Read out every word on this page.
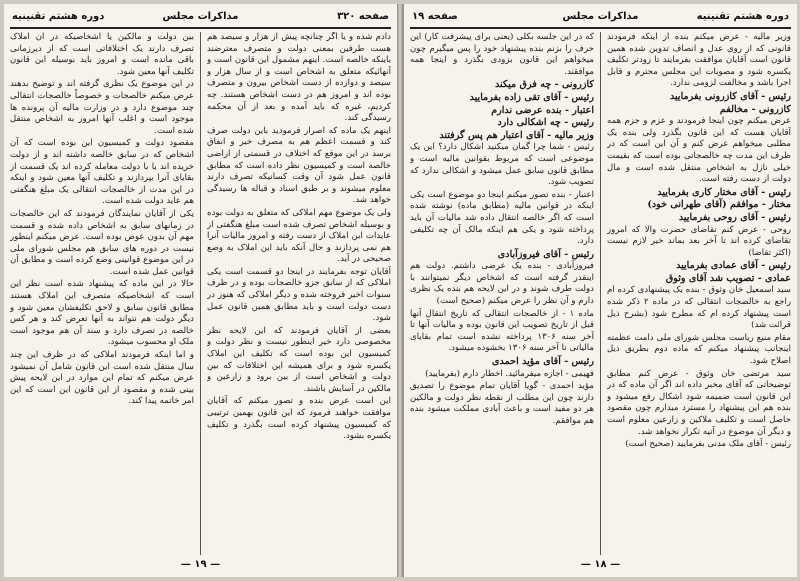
صفحه ۳۲۰
مذاکرات مجلس
دوره هشتم تقنینیه

دادم شده و یا اگر چنانچه پیش از هزار و سیصد هم هست طرفین بمعنی دولت و متصرف معترضند باینکه خالصه است. اینهم مشمول این قانون است و آنهائیکه متعلق به اشخاص است و از سال هزار و سیصد و دوازده از دست اشخاص بیرون و متصرف بوده اند و امروز هم در دست اشخاص هستند. چه کردیم، غیره که باید آمده و بعد از آن محکمه رسیدگی کند.

اینهم یک ماده که اصرار فرمودید باین دولت صرف کند و قسمت اعظم هم به مصرف خیر و انفاق برسد در این موقع که اختلاف در قسمتی از اراضی خالصه است و کمیسیون نظر داده است که مطابق قانون عمل شود آن وقت کسانیکه تصرف دارند معلوم میشوند و بر طبق اسناد و قباله ها رسیدگی خواهد شد.

ولی یک موضوع مهم املاکی که متعلق به دولت بوده و بوسیله اشخاص تصرف شده است مبلغ هنگفتی از عایدات این املاک از دست رفته و امروز مالیات آنرا هم نمی پردازند و حال آنکه باید این املاک به وضع صحیحی در آید.

آقایان توجه بفرمایند در اینجا دو قسمت است یکی املاکی که از سابق جزو خالصجات بوده و در ظرف سنوات اخیر فروخته شده و دیگر املاکی که هنوز در دست دولت است و باید مطابق همین قانون عمل شود.

بعضی از آقایان فرمودند که این لایحه نظر مخصوصی دارد خیر اینطور نیست و نظر دولت و کمیسیون این بوده است که تکلیف این املاک یکسره شود و برای همیشه این اختلافات که بین دولت و اشخاص است از بین برود و زارعین و مالکین در آسایش باشند.

این است عرض بنده و تصور میکنم که آقایان موافقت خواهند فرمود که این قانون بهمین ترتیبی که کمیسیون پیشنهاد کرده است بگذرد و تکلیف یکسره بشود.

بین دولت و مالکین یا اشخاصیکه در آن املاک تصرف دارند یک اختلافاتی است که از دیرزمانی باقی مانده است و امروز باید بوسیله این قانون تکلیف آنها معین شود.

در این موضوع یک نظری گرفته اند و توضیح بدهند عرض میکنم خالصجات و خصوصاً خالصجات انتقالی چند موضوع دارد و در وزارت مالیه آن پرونده ها موجود است و اغلب آنها امروز به اشخاص منتقل شده است.

مقصود دولت و کمیسیون این بوده است که آن اشخاص که در سابق خالصه داشته اند و از دولت خریده اند یا با دولت معامله کرده اند یک قسمت از بقایای آنرا بپردازند و تکلیف آنها معین شود و اینکه در این مدت از خالصجات انتقالی یک مبلغ هنگفتی هم عاید دولت شده است.

یکی از آقایان نمایندگان فرمودند که این خالصجات در زمانهای سابق به اشخاص داده شده و قسمت مهم آن بدون عوض بوده است. عرض میکنم اینطور نیست در دوره های سابق هم مجلس شورای ملی در این موضوع قوانینی وضع کرده است و مطابق آن قوانین عمل شده است.

حالا در این ماده که پیشنهاد شده است نظر این است که اشخاصیکه متصرف این املاک هستند مطابق قانون سابق و لاحق تکلیفشان معین شود و دیگر دولت هم نتواند به آنها تعرض کند و هر کس خالصه در تصرف دارد و سند آن هم موجود است ملک او محسوب میشود.

و اما اینکه فرمودند املاکی که در ظرف این چند سال منتقل شده است این قانون شامل آن نمیشود عرض میکنم که تمام این موارد در این لایحه پیش بینی شده و مقصود از این قانون این است که این امر خاتمه پیدا کند.

— ۱۹ —
دوره هشتم تقنینیه
مذاکرات مجلس
صفحه ۱۹

وزیر مالیه - عرض میکنم بنده از اینکه فرمودند قانونی که از روی عدل و انصاف تدوین شده همین قانون است آقایان موافقت بفرمایند تا زودتر تکلیف یکسره شود و مصوبات این مجلس محترم و قابل اجرا باشد و مخالفت لزومی ندارد.

رئیس - آقای کازرونی بفرمایید

کازرونی - مخالفم

عرض میکنم چون اینجا فرمودند و عزم و جزم همه آقایان هست که این قانون بگذرد ولی بنده یک مطلبی میخواهم عرض کنم و آن این است که در ظرف این مدت چه خالصجاتی بوده است که بقیمت خیلی نازل به اشخاص منتقل شده است و مال دولت از دست رفته است.

رئیس - آقای مختار کاری بفرمایید

مختار - موافقم (آقای طهرانی خود)

رئیس - آقای روحی بفرمایید

روحی - عرض کنم تقاضای حضرت والا که امروز تقاضای کرده اند تا آخر بعد بماند خیر لازم نیست (اکثر تقاضا)

رئیس - آقای عمادی بفرمایید

عمادی - تصویب شد آقای وثوق

سید اسمعیل خان وثوق - بنده یک پیشنهادی کرده ام راجع به خالصجات انتقالی که در ماده ۲ ذکر شده است پیشنهاد کرده ام که مطرح شود (بشرح ذیل قرائت شد)

مقام منیع ریاست مجلس شورای ملی دامت عظمته اینجانب پیشنهاد میکنم که ماده دوم بطریق ذیل اصلاح شود.

سید مرتضی خان وثوق - عرض کنم مطابق توضیحاتی که آقای مخبر داده اند اگر آن ماده که در این قانون است ضمیمه شود اشکال رفع میشود و بنده هم این پیشنهاد را مسترد میدارم چون مقصود حاصل است و تکلیف ملاکین و زارعین معلوم است و دیگر آن موضوع در آتیه تکرار نخواهد شد.

رئیس - آقای ملک مدنی بفرمایید (صحیح است)

که در این جلسه بکلی (یعنی برای پیشرفت کار) این حرف را بزنم بنده پیشنهاد خود را پس میگیرم چون میخواهم این قانون بزودی بگذرد و اینجا همه موافقند.

کازرونی - چه فرق میکند

رئیس - آقای تقی زاده بفرمایید

اعتبار - بنده عرضی ندارم

رئیس - چه اشکالی دارد

وزیر مالیه - آقای اعتبار هم پس گرفتند

رئیس - شما چرا گمان میکنید اشکال دارد؟ این یک موضوعی است که مربوط بقوانین مالیه است و مطابق قانون سابق عمل میشود و اشکالی ندارد که تصویب شود.

اعتبار - بنده تصور میکنم اینجا دو موضوع است یکی اینکه در قوانین مالیه (مطابق ماده) نوشته شده است که اگر خالصه انتقال داده شد مالیات آن باید پرداخته شود و یکی هم اینکه مالک آن چه تکلیفی دارد.

رئیس - آقای فیروزآبادی

فیروزآبادی - بنده یک عرضی داشتم. دولت هم اینقدر گرفته است که اشخاص دیگر نمیتوانند با دولت طرف شوند و در این لایحه هم بنده یک نظری دارم و آن نظر را عرض میکنم (صحیح است)

ماده ۱ - از خالصجات انتقالی که تاریخ انتقال آنها قبل از تاریخ تصویب این قانون بوده و مالیات آنها تا آخر سنه ۱۳۰۶ پرداخته نشده است تمام بقایای مالیاتی تا آخر سنه ۱۳۰۶ بخشوده میشود.

رئیس - آقای مؤید احمدی

فهیمی - اجازه میفرمائید. اخطار دارم (بفرمایید)

مؤید احمدی - گویا آقایان تمام موضوع را تصدیق دارند چون این مطلب از نقطه نظر دولت و مالکین هر دو مفید است و باعث آبادی مملکت میشود بنده هم موافقم.

— ۱۸ —
